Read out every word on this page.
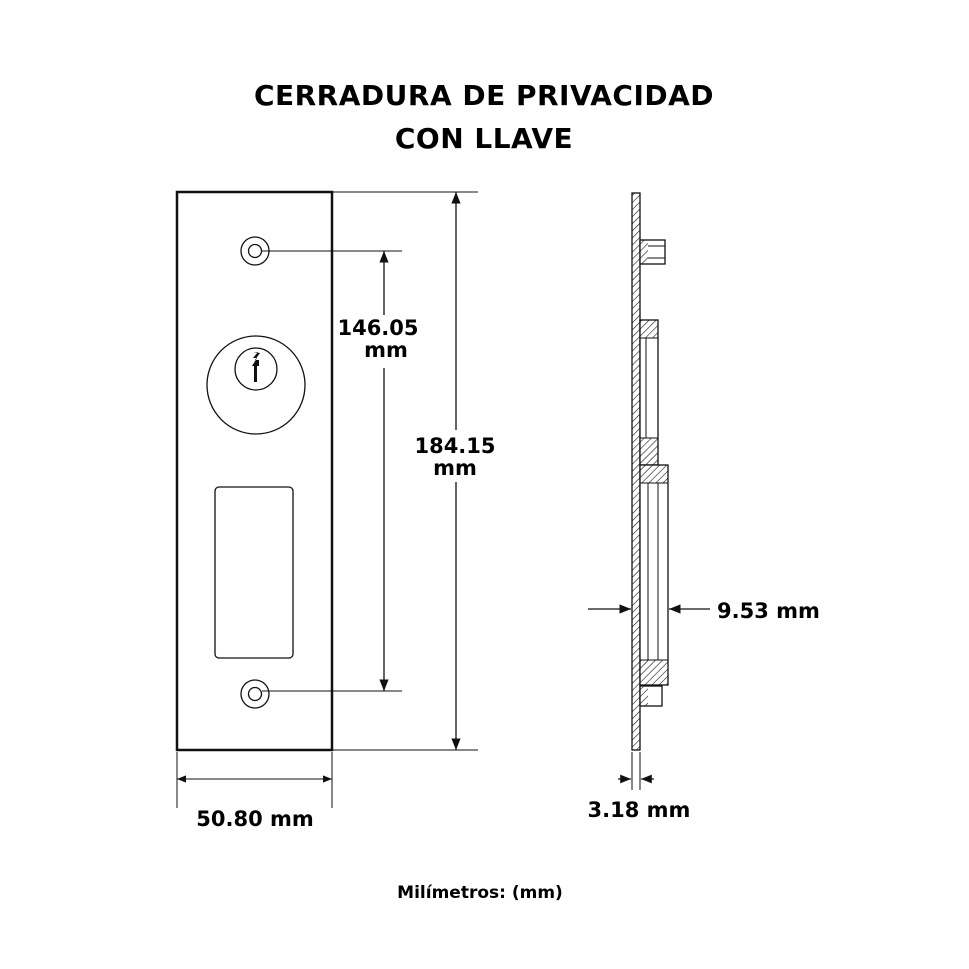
CERRADURA DE PRIVACIDAD
CON LLAVE
146.05
mm
184.15
mm
50.80 mm
9.53 mm
3.18 mm
Milímetros: (mm)
